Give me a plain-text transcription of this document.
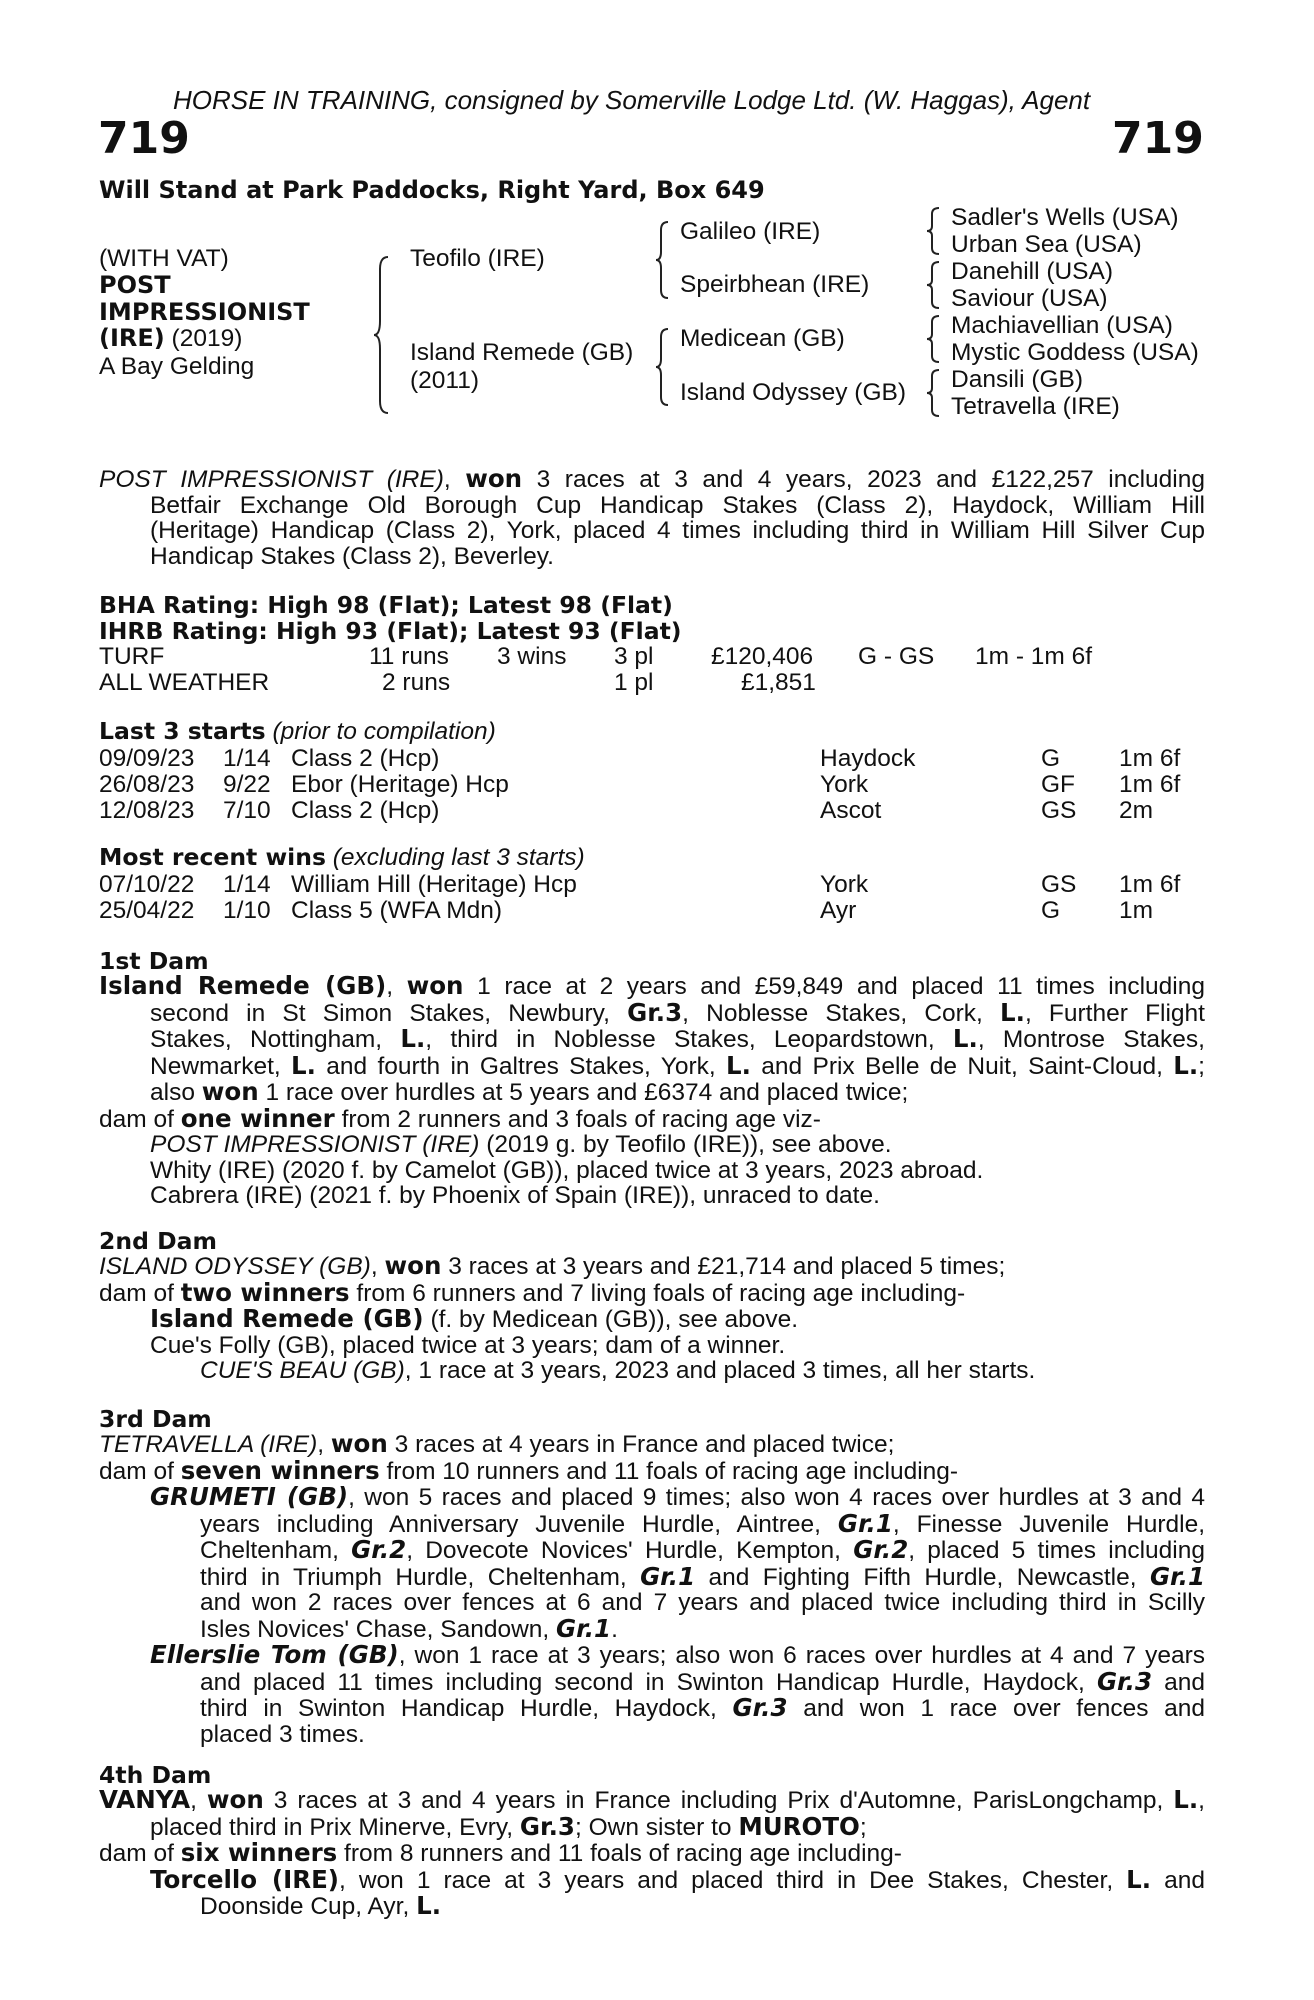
HORSE IN TRAINING, consigned by Somerville Lodge Ltd. (W. Haggas), Agent
719	719
Will Stand at Park Paddocks, Right Yard, Box 649
(WITH VAT)
POST
IMPRESSIONIST
(IRE) (2019)
A Bay Gelding
Teofilo (IRE)
Island Remede (GB)
(2011)
Galileo (IRE)
Speirbhean (IRE)
Medicean (GB)
Island Odyssey (GB)
Sadler's Wells (USA)
Urban Sea (USA)
Danehill (USA)
Saviour (USA)
Machiavellian (USA)
Mystic Goddess (USA)
Dansili (GB)
Tetravella (IRE)
POST IMPRESSIONIST (IRE), won 3 races at 3 and 4 years, 2023 and £122,257 including
Betfair Exchange Old Borough Cup Handicap Stakes (Class 2), Haydock, William Hill
(Heritage) Handicap (Class 2), York, placed 4 times including third in William Hill Silver Cup
Handicap Stakes (Class 2), Beverley.
BHA Rating: High 98 (Flat); Latest 98 (Flat)
IHRB Rating: High 93 (Flat); Latest 93 (Flat)
TURF	11 runs 3 wins 3 pl £120,406 G - GS 1m - 1m 6f
ALL WEATHER	2 runs	1 pl	£1,851
Last 3 starts (prior to compilation)
09/09/23 1/14 Class 2 (Hcp)	Haydock	G 1m 6f
26/08/23 9/22 Ebor (Heritage) Hcp	York	GF 1m 6f
12/08/23 7/10 Class 2 (Hcp)	Ascot	GS 2m
Most recent wins (excluding last 3 starts)
07/10/22 1/14 William Hill (Heritage) Hcp	York	GS 1m 6f
25/04/22 1/10 Class 5 (WFA Mdn)	Ayr	G 1m
1st Dam
Island Remede (GB), won 1 race at 2 years and £59,849 and placed 11 times including
second in St Simon Stakes, Newbury, Gr.3, Noblesse Stakes, Cork, L., Further Flight
Stakes, Nottingham, L., third in Noblesse Stakes, Leopardstown, L., Montrose Stakes,
Newmarket, L. and fourth in Galtres Stakes, York, L. and Prix Belle de Nuit, Saint-Cloud, L.;
also won 1 race over hurdles at 5 years and £6374 and placed twice;
dam of one winner from 2 runners and 3 foals of racing age viz-
POST IMPRESSIONIST (IRE) (2019 g. by Teofilo (IRE)), see above.
Whity (IRE) (2020 f. by Camelot (GB)), placed twice at 3 years, 2023 abroad.
Cabrera (IRE) (2021 f. by Phoenix of Spain (IRE)), unraced to date.
2nd Dam
ISLAND ODYSSEY (GB), won 3 races at 3 years and £21,714 and placed 5 times;
dam of two winners from 6 runners and 7 living foals of racing age including-
Island Remede (GB) (f. by Medicean (GB)), see above.
Cue's Folly (GB), placed twice at 3 years; dam of a winner.
CUE'S BEAU (GB), 1 race at 3 years, 2023 and placed 3 times, all her starts.
3rd Dam
TETRAVELLA (IRE), won 3 races at 4 years in France and placed twice;
dam of seven winners from 10 runners and 11 foals of racing age including-
GRUMETI (GB), won 5 races and placed 9 times; also won 4 races over hurdles at 3 and 4
years including Anniversary Juvenile Hurdle, Aintree, Gr.1, Finesse Juvenile Hurdle,
Cheltenham, Gr.2, Dovecote Novices' Hurdle, Kempton, Gr.2, placed 5 times including
third in Triumph Hurdle, Cheltenham, Gr.1 and Fighting Fifth Hurdle, Newcastle, Gr.1
and won 2 races over fences at 6 and 7 years and placed twice including third in Scilly
Isles Novices' Chase, Sandown, Gr.1.
Ellerslie Tom (GB), won 1 race at 3 years; also won 6 races over hurdles at 4 and 7 years
and placed 11 times including second in Swinton Handicap Hurdle, Haydock, Gr.3 and
third in Swinton Handicap Hurdle, Haydock, Gr.3 and won 1 race over fences and
placed 3 times.
4th Dam
VANYA, won 3 races at 3 and 4 years in France including Prix d'Automne, ParisLongchamp, L.,
placed third in Prix Minerve, Evry, Gr.3; Own sister to MUROTO;
dam of six winners from 8 runners and 11 foals of racing age including-
Torcello (IRE), won 1 race at 3 years and placed third in Dee Stakes, Chester, L. and
Doonside Cup, Ayr, L.
